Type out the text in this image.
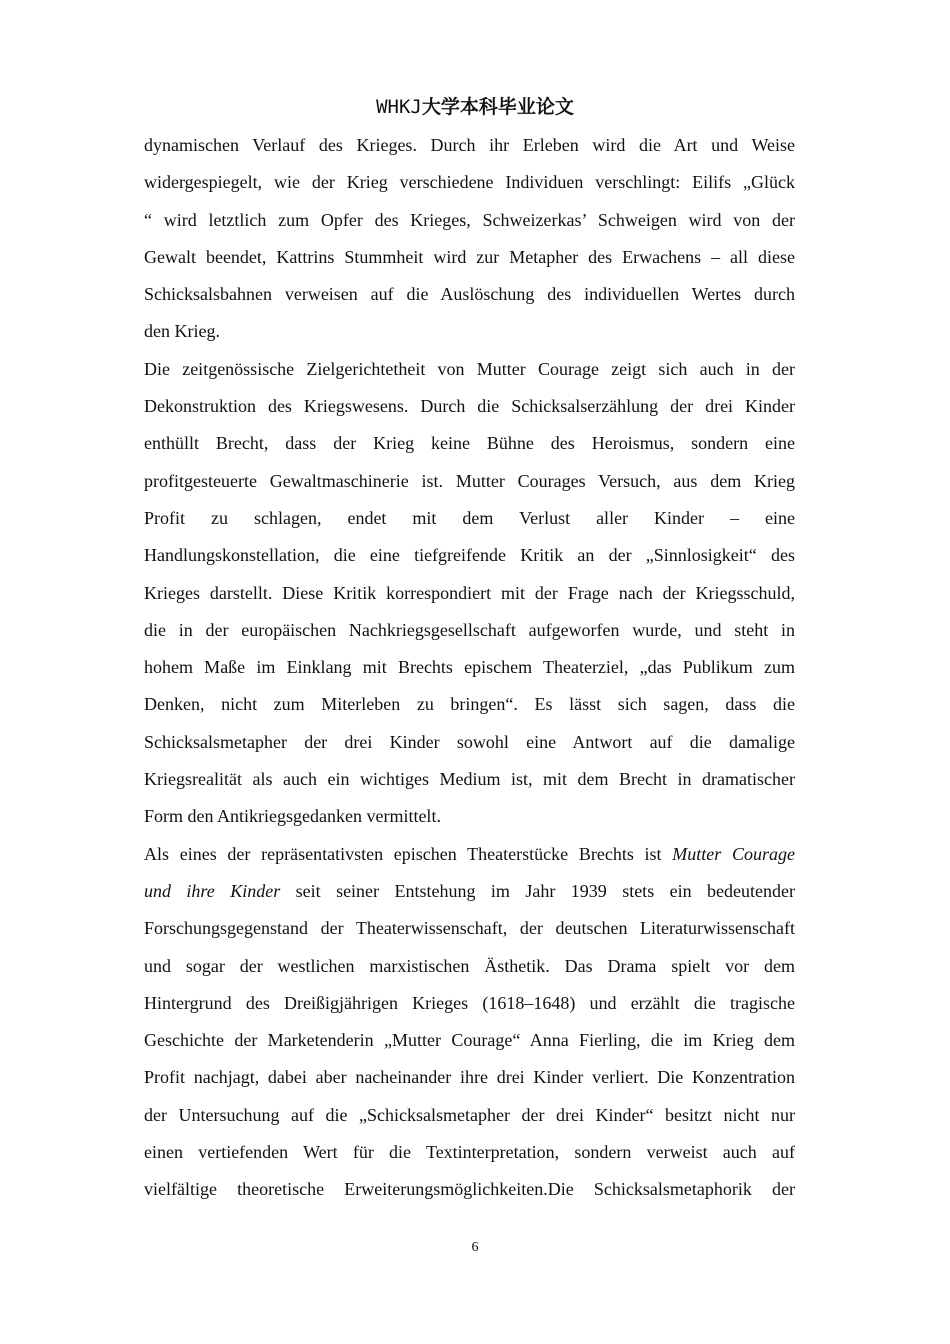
WHKJ大学本科毕业论文
dynamischen Verlauf des Krieges. Durch ihr Erleben wird die Art und Weise
widergespiegelt, wie der Krieg verschiedene Individuen verschlingt: Eilifs „Glück
“ wird letztlich zum Opfer des Krieges, Schweizerkas’ Schweigen wird von der
Gewalt beendet, Kattrins Stummheit wird zur Metapher des Erwachens – all diese
Schicksalsbahnen verweisen auf die Auslöschung des individuellen Wertes durch
den Krieg.
Die zeitgenössische Zielgerichtetheit von Mutter Courage zeigt sich auch in der
Dekonstruktion des Kriegswesens. Durch die Schicksalserzählung der drei Kinder
enthüllt Brecht, dass der Krieg keine Bühne des Heroismus, sondern eine
profitgesteuerte Gewaltmaschinerie ist. Mutter Courages Versuch, aus dem Krieg
Profit zu schlagen, endet mit dem Verlust aller Kinder – eine
Handlungskonstellation, die eine tiefgreifende Kritik an der „Sinnlosigkeit“ des
Krieges darstellt. Diese Kritik korrespondiert mit der Frage nach der Kriegsschuld,
die in der europäischen Nachkriegsgesellschaft aufgeworfen wurde, und steht in
hohem Maße im Einklang mit Brechts epischem Theaterziel, „das Publikum zum
Denken, nicht zum Miterleben zu bringen“. Es lässt sich sagen, dass die
Schicksalsmetapher der drei Kinder sowohl eine Antwort auf die damalige
Kriegsrealität als auch ein wichtiges Medium ist, mit dem Brecht in dramatischer
Form den Antikriegsgedanken vermittelt.
Als eines der repräsentativsten epischen Theaterstücke Brechts ist Mutter Courage
und ihre Kinder seit seiner Entstehung im Jahr 1939 stets ein bedeutender
Forschungsgegenstand der Theaterwissenschaft, der deutschen Literaturwissenschaft
und sogar der westlichen marxistischen Ästhetik. Das Drama spielt vor dem
Hintergrund des Dreißigjährigen Krieges (1618–1648) und erzählt die tragische
Geschichte der Marketenderin „Mutter Courage“ Anna Fierling, die im Krieg dem
Profit nachjagt, dabei aber nacheinander ihre drei Kinder verliert. Die Konzentration
der Untersuchung auf die „Schicksalsmetapher der drei Kinder“ besitzt nicht nur
einen vertiefenden Wert für die Textinterpretation, sondern verweist auch auf
vielfältige theoretische Erweiterungsmöglichkeiten.Die Schicksalsmetaphorik der
6
